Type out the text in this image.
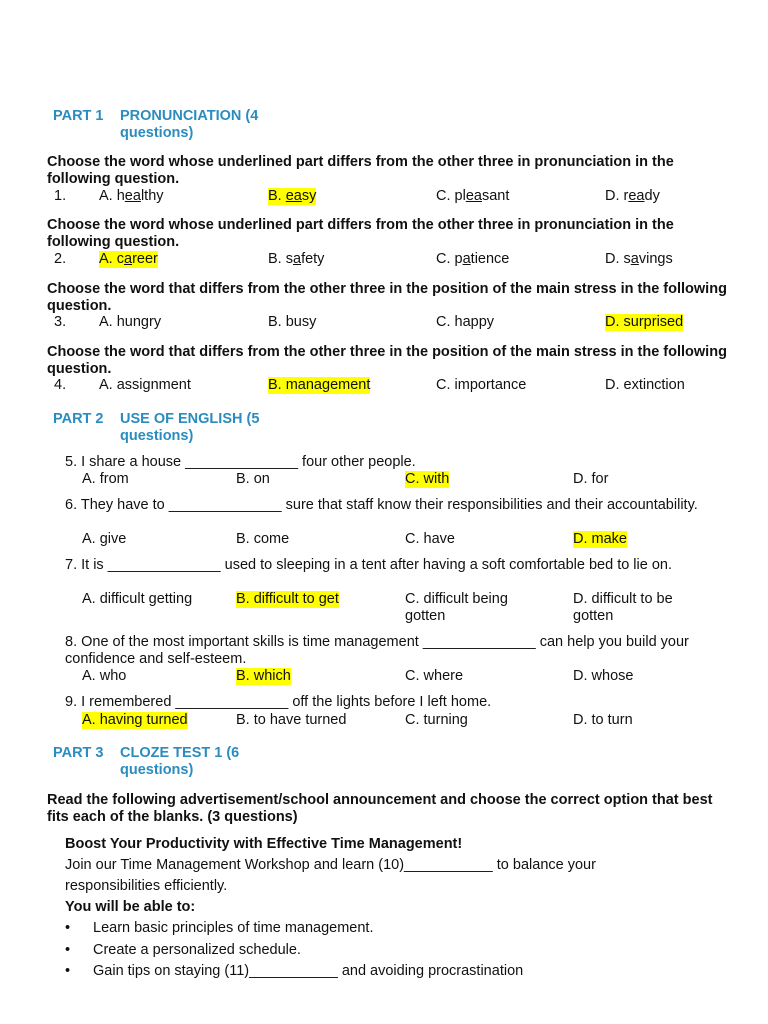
PART 1 PRONUNCIATION (4
questions)
Choose the word whose underlined part differs from the other three in pronunciation in the following question.
1. A. healthy	B. easy	C. pleasant	D. ready
Choose the word whose underlined part differs from the other three in pronunciation in the following question.
2. A. career	B. safety	C. patience	D. savings
Choose the word that differs from the other three in the position of the main stress in the following question.
3. A. hungry	B. busy	C. happy	D. surprised
Choose the word that differs from the other three in the position of the main stress in the following question.
4. A. assignment	B. management	C. importance	D. extinction
PART 2 USE OF ENGLISH (5
questions)
5. I share a house ______________ four other people.
A. from	B. on	C. with	D. for
6. They have to ______________ sure that staff know their responsibilities and their accountability.
A. give	B. come	C. have	D. make
7. It is ______________ used to sleeping in a tent after having a soft comfortable bed to lie on.
A. difficult getting	B. difficult to get	C. difficult being
gotten
D. difficult to be
gotten
8. One of the most important skills is time management ______________ can help you build your confidence and self-esteem.
A. who	B. which	C. where	D. whose
9. I remembered ______________ off the lights before I left home.
A. having turned	B. to have turned	C. turning	D. to turn
PART 3 CLOZE TEST 1 (6
questions)
Read the following advertisement/school announcement and choose the correct option that best fits each of the blanks. (3 questions)
Boost Your Productivity with Effective Time Management!
Join our Time Management Workshop and learn (10)___________ to balance your
responsibilities efficiently.
You will be able to:
• Learn basic principles of time management.
• Create a personalized schedule.
• Gain tips on staying (11)___________ and avoiding procrastination
